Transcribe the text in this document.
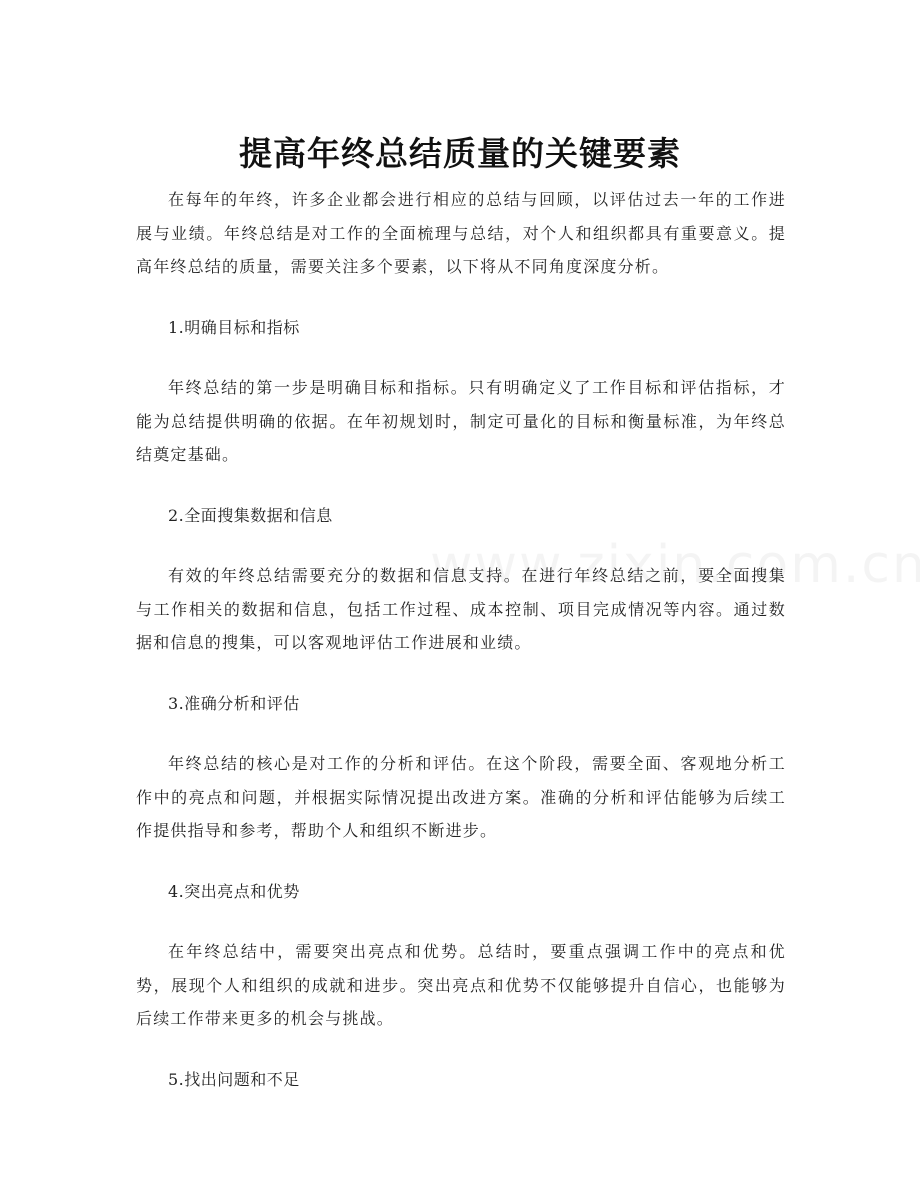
提高年终总结质量的关键要素

在每年的年终，许多企业都会进行相应的总结与回顾，以评估过去一年的工作进展与业绩。年终总结是对工作的全面梳理与总结，对个人和组织都具有重要意义。提高年终总结的质量，需要关注多个要素，以下将从不同角度深度分析。

1.明确目标和指标

年终总结的第一步是明确目标和指标。只有明确定义了工作目标和评估指标，才能为总结提供明确的依据。在年初规划时，制定可量化的目标和衡量标准，为年终总结奠定基础。

2.全面搜集数据和信息

有效的年终总结需要充分的数据和信息支持。在进行年终总结之前，要全面搜集与工作相关的数据和信息，包括工作过程、成本控制、项目完成情况等内容。通过数据和信息的搜集，可以客观地评估工作进展和业绩。

3.准确分析和评估

年终总结的核心是对工作的分析和评估。在这个阶段，需要全面、客观地分析工作中的亮点和问题，并根据实际情况提出改进方案。准确的分析和评估能够为后续工作提供指导和参考，帮助个人和组织不断进步。

4.突出亮点和优势

在年终总结中，需要突出亮点和优势。总结时，要重点强调工作中的亮点和优势，展现个人和组织的成就和进步。突出亮点和优势不仅能够提升自信心，也能够为后续工作带来更多的机会与挑战。

5.找出问题和不足
